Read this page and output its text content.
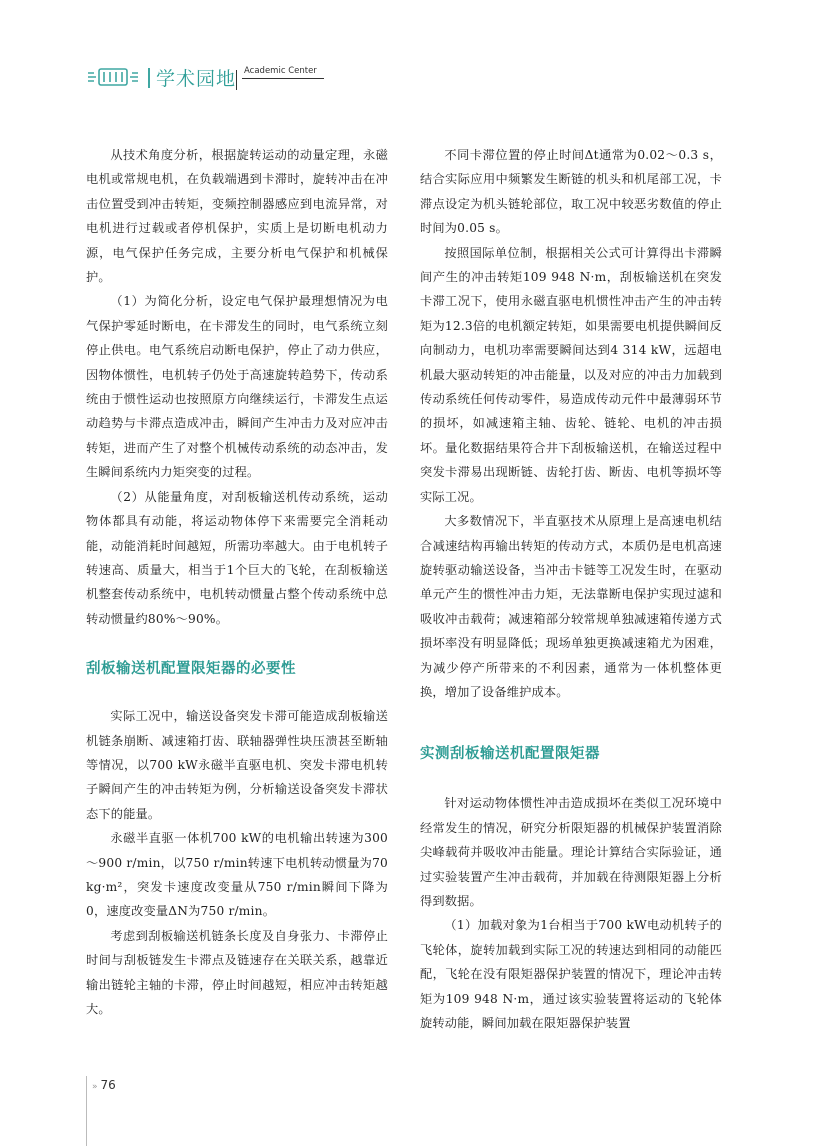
学术园地 Academic Center

从技术角度分析，根据旋转运动的动量定理，永磁电机或常规电机，在负载端遇到卡滞时，旋转冲击在冲击位置受到冲击转矩，变频控制器感应到电流异常，对电机进行过载或者停机保护，实质上是切断电机动力源，电气保护任务完成，主要分析电气保护和机械保护。

（1）为简化分析，设定电气保护最理想情况为电气保护零延时断电，在卡滞发生的同时，电气系统立刻停止供电。电气系统启动断电保护，停止了动力供应，因物体惯性，电机转子仍处于高速旋转趋势下，传动系统由于惯性运动也按照原方向继续运行，卡滞发生点运动趋势与卡滞点造成冲击，瞬间产生冲击力及对应冲击转矩，进而产生了对整个机械传动系统的动态冲击，发生瞬间系统内力矩突变的过程。

（2）从能量角度，对刮板输送机传动系统，运动物体都具有动能，将运动物体停下来需要完全消耗动能，动能消耗时间越短，所需功率越大。由于电机转子转速高、质量大，相当于1个巨大的飞轮，在刮板输送机整套传动系统中，电机转动惯量占整个传动系统中总转动惯量约80%～90%。

刮板输送机配置限矩器的必要性

实际工况中，输送设备突发卡滞可能造成刮板输送机链条崩断、减速箱打齿、联轴器弹性块压溃甚至断轴等情况，以700 kW永磁半直驱电机、突发卡滞电机转子瞬间产生的冲击转矩为例，分析输送设备突发卡滞状态下的能量。

永磁半直驱一体机700 kW的电机输出转速为300～900 r/min，以750 r/min转速下电机转动惯量为70 kg·m²，突发卡速度改变量从750 r/min瞬间下降为0，速度改变量ΔN为750 r/min。

考虑到刮板输送机链条长度及自身张力、卡滞停止时间与刮板链发生卡滞点及链速存在关联关系，越靠近输出链轮主轴的卡滞，停止时间越短，相应冲击转矩越大。

不同卡滞位置的停止时间Δt通常为0.02～0.3 s，结合实际应用中频繁发生断链的机头和机尾部工况，卡滞点设定为机头链轮部位，取工况中较恶劣数值的停止时间为0.05 s。

按照国际单位制，根据相关公式可计算得出卡滞瞬间产生的冲击转矩109 948 N·m，刮板输送机在突发卡滞工况下，使用永磁直驱电机惯性冲击产生的冲击转矩为12.3倍的电机额定转矩，如果需要电机提供瞬间反向制动力，电机功率需要瞬间达到4 314 kW，远超电机最大驱动转矩的冲击能量，以及对应的冲击力加载到传动系统任何传动零件，易造成传动元件中最薄弱环节的损坏，如减速箱主轴、齿轮、链轮、电机的冲击损坏。量化数据结果符合井下刮板输送机，在输送过程中突发卡滞易出现断链、齿轮打齿、断齿、电机等损坏等实际工况。

大多数情况下，半直驱技术从原理上是高速电机结合减速结构再输出转矩的传动方式，本质仍是电机高速旋转驱动输送设备，当冲击卡链等工况发生时，在驱动单元产生的惯性冲击力矩，无法靠断电保护实现过滤和吸收冲击载荷；减速箱部分较常规单独减速箱传递方式损坏率没有明显降低；现场单独更换减速箱尤为困难，为减少停产所带来的不利因素，通常为一体机整体更换，增加了设备维护成本。

实测刮板输送机配置限矩器

针对运动物体惯性冲击造成损坏在类似工况环境中经常发生的情况，研究分析限矩器的机械保护装置消除尖峰载荷并吸收冲击能量。理论计算结合实际验证，通过实验装置产生冲击载荷，并加载在待测限矩器上分析得到数据。

（1）加载对象为1台相当于700 kW电动机转子的飞轮体，旋转加载到实际工况的转速达到相同的动能匹配，飞轮在没有限矩器保护装置的情况下，理论冲击转矩为109 948 N·m，通过该实验装置将运动的飞轮体旋转动能，瞬间加载在限矩器保护装置

» 76
